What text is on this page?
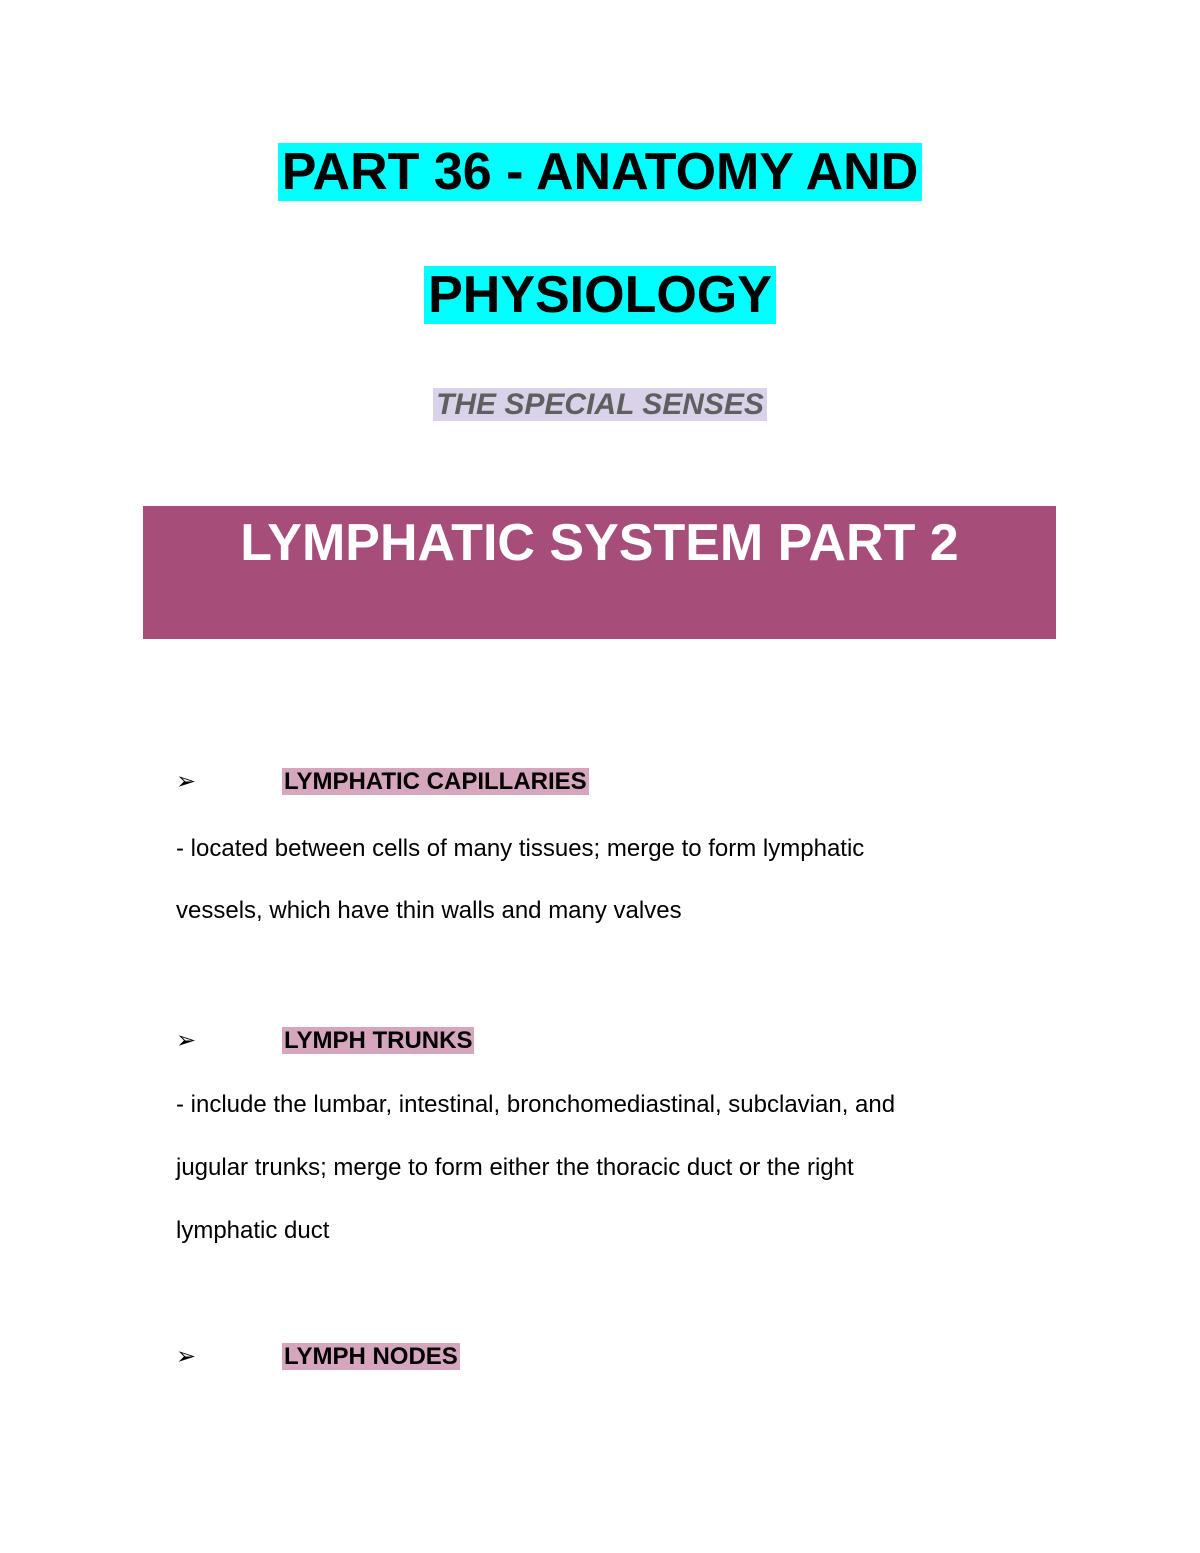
PART 36 - ANATOMY AND
PHYSIOLOGY
THE SPECIAL SENSES
LYMPHATIC SYSTEM PART 2
➢	LYMPHATIC CAPILLARIES
- located between cells of many tissues; merge to form lymphatic
vessels, which have thin walls and many valves
➢	LYMPH TRUNKS
- include the lumbar, intestinal, bronchomediastinal, subclavian, and
jugular trunks; merge to form either the thoracic duct or the right
lymphatic duct
➢	LYMPH NODES
